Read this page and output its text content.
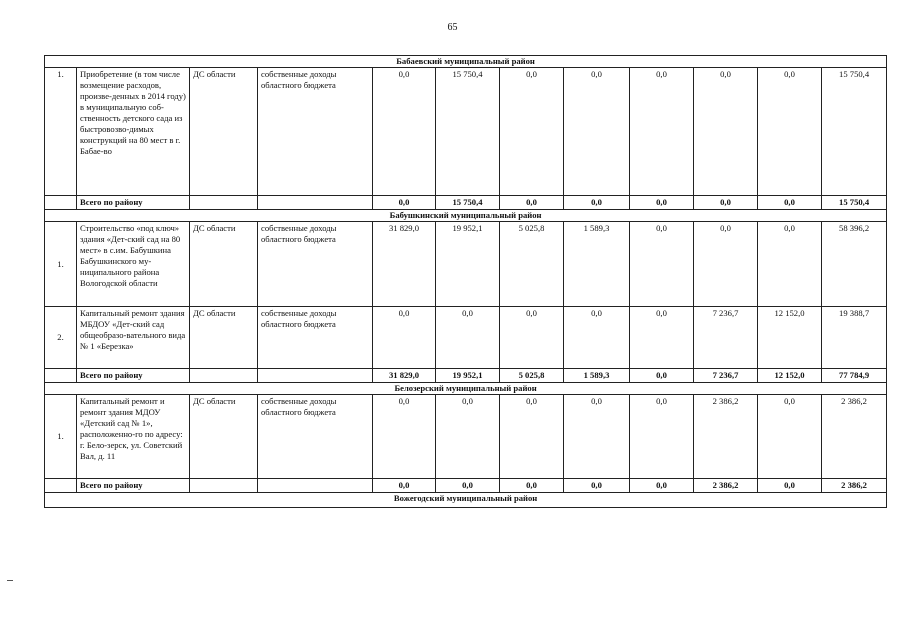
65
Бабаевский муниципальный район											
1.	Приобретение (в том числе возмещение расходов, произве-денных в 2014 году) в муниципальную соб-ственность детского сада из быстровозво-димых конструкций на 80 мест в г. Бабае-во	ДС области	собственные доходы областного бюджета	0,0	15 750,4	0,0	0,0	0,0	0,0	0,0	15 750,4
	Всего по району			0,0	15 750,4	0,0	0,0	0,0	0,0	0,0	15 750,4
Бабушкинский муниципальный район											
1.	Строительство «под ключ» здания «Дет-ский сад на 80 мест» в с.им. Бабушкина Бабушкинского му-ниципального района Вологодской области	ДС области	собственные доходы областного бюджета	31 829,0	19 952,1	5 025,8	1 589,3	0,0	0,0	0,0	58 396,2
2.	Капитальный ремонт здания МБДОУ «Дет-ский сад общеобразо-вательного вида № 1 «Березка»	ДС области	собственные доходы областного бюджета	0,0	0,0	0,0	0,0	0,0	7 236,7	12 152,0	19 388,7
	Всего по району			31 829,0	19 952,1	5 025,8	1 589,3	0,0	7 236,7	12 152,0	77 784,9
Белозерский муниципальный район											
1.	Капитальный ремонт и ремонт здания МДОУ «Детский сад № 1», расположенно-го по адресу: г. Бело-зерск, ул. Советский Вал, д. 11	ДС области	собственные доходы областного бюджета	0,0	0,0	0,0	0,0	0,0	2 386,2	0,0	2 386,2
	Всего по району			0,0	0,0	0,0	0,0	0,0	2 386,2	0,0	2 386,2
Вожегодский муниципальный район											
